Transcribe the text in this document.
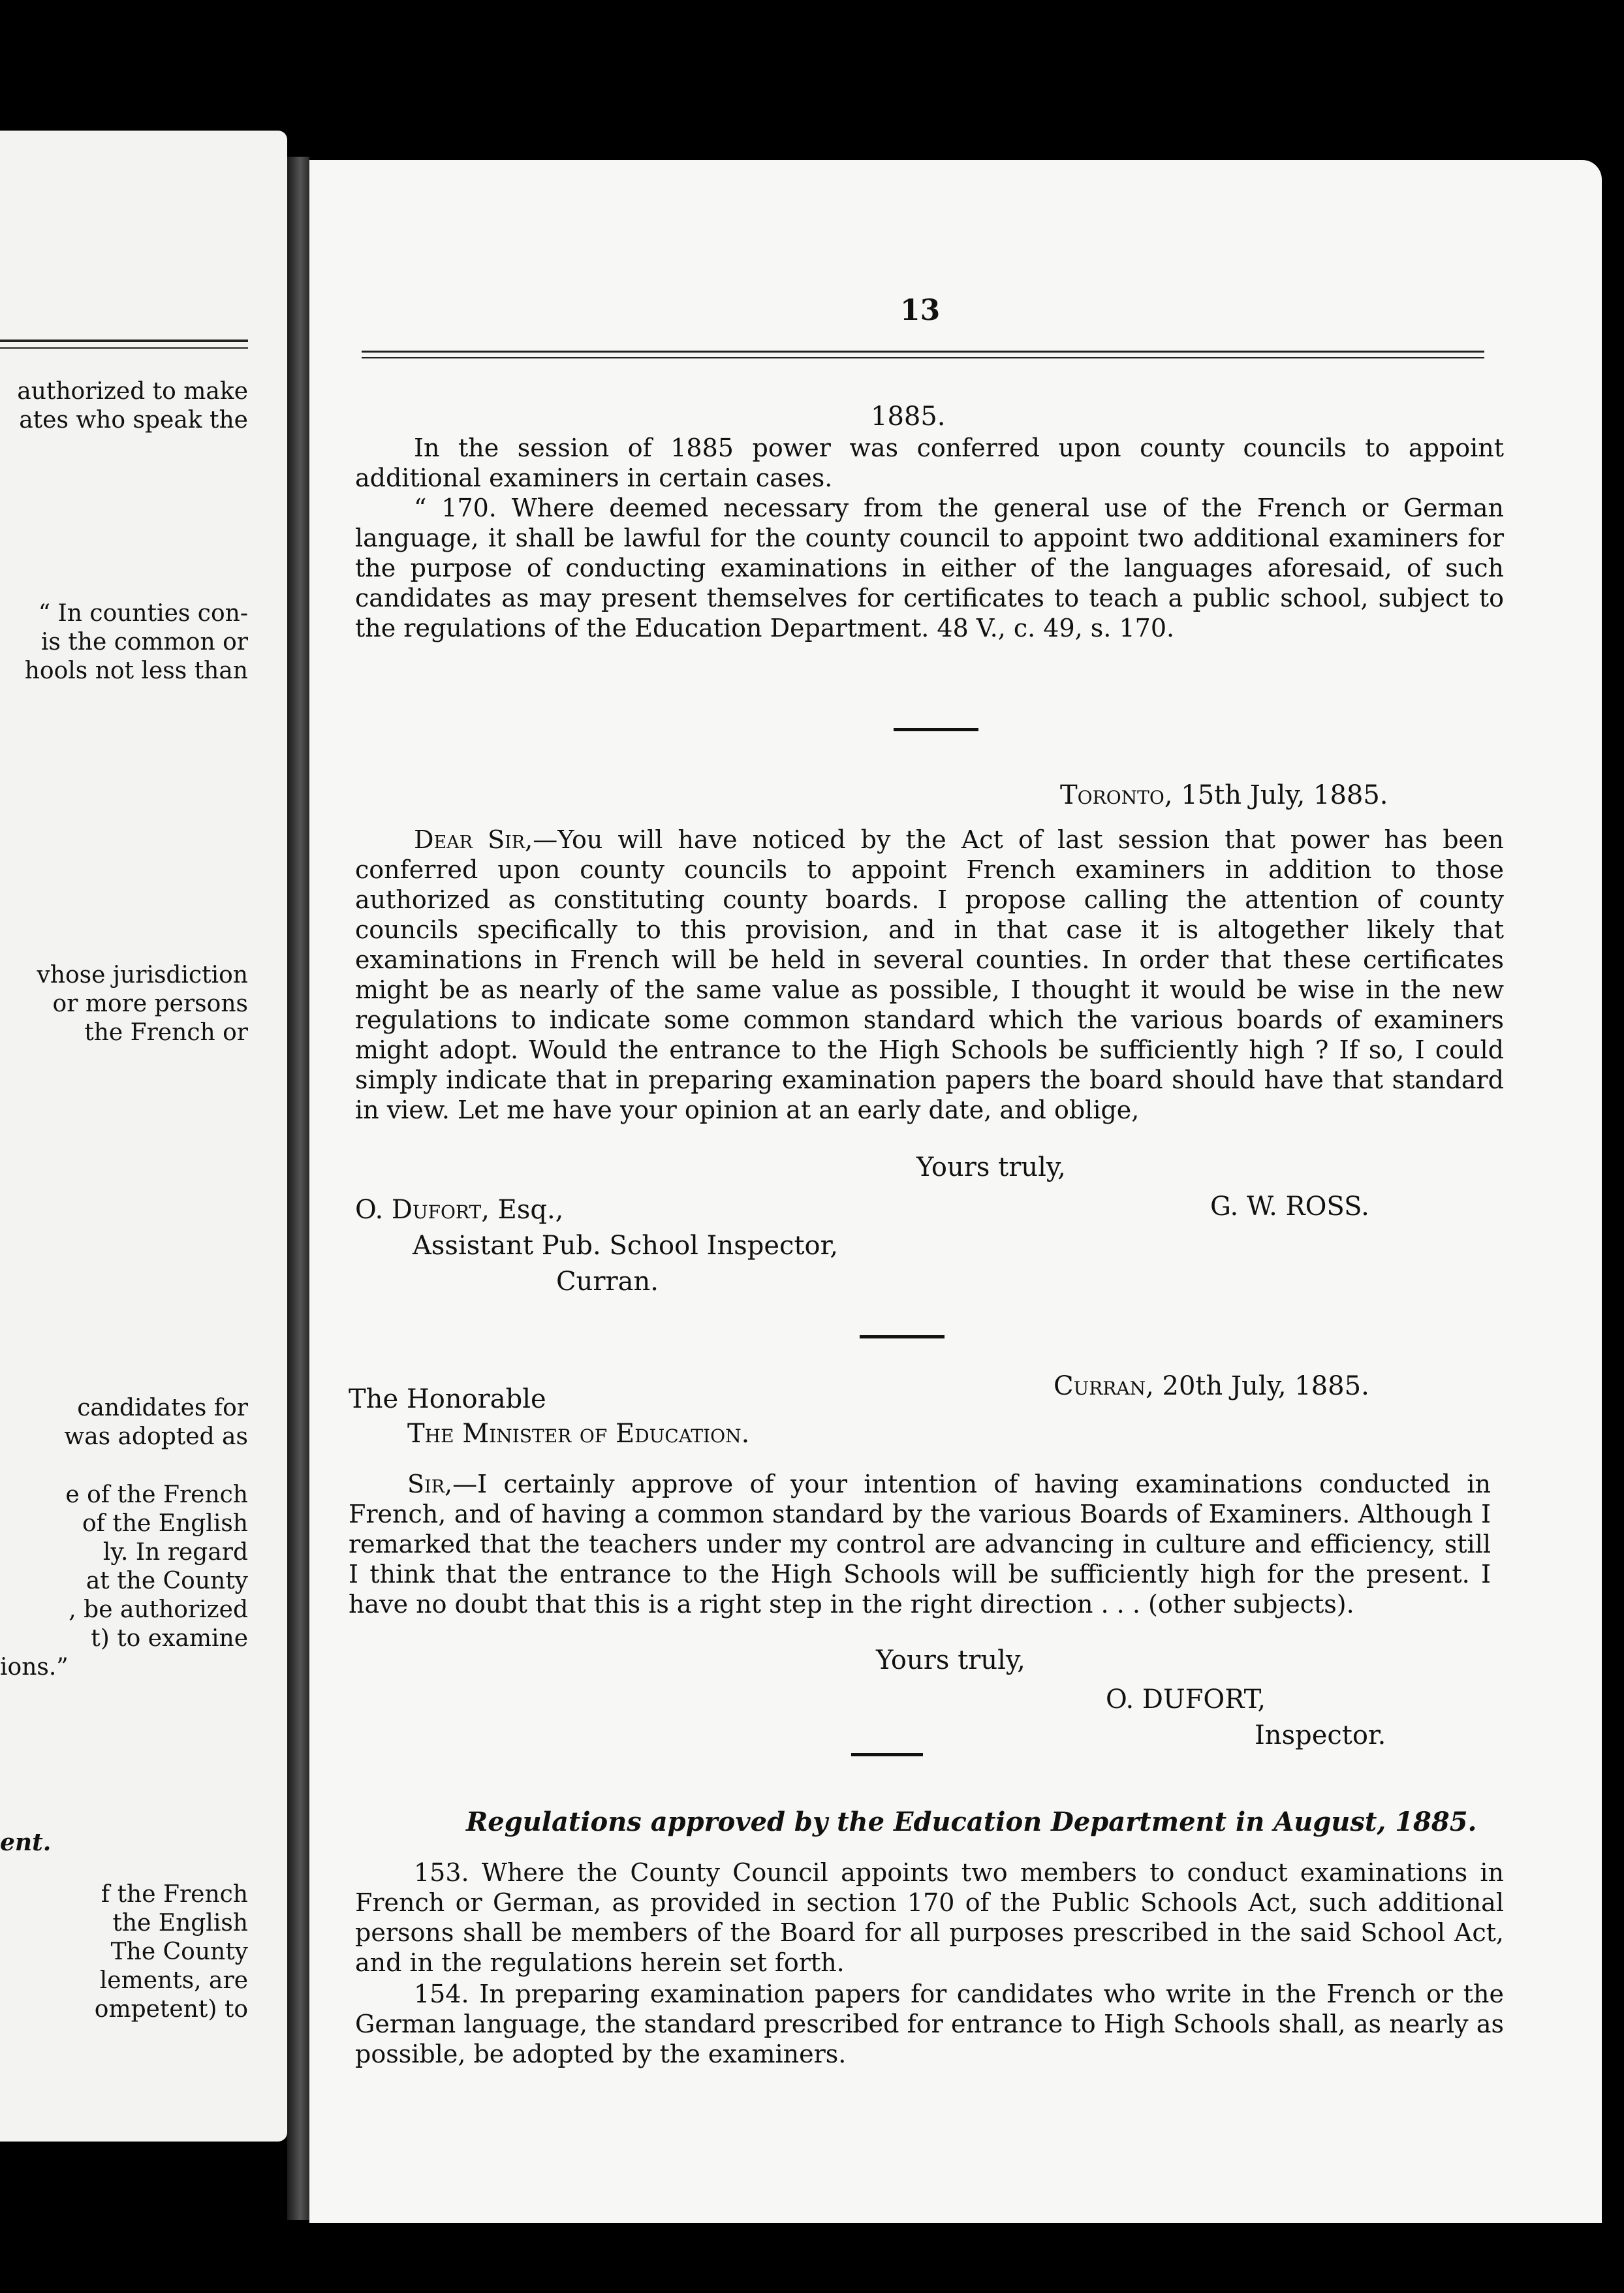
authorized to make
ates who speak the
“ In counties con-
is the common or
hools not less than
vhose jurisdiction
or more persons
the French or
candidates for
was adopted as
e of the French
of the English
ly. In regard
at the County
, be authorized
t) to examine
ions.”
ent.
f the French
the English
The County
lements, are
ompetent) to
13
1885.

In the session of 1885 power was conferred upon county councils to appoint additional examiners in certain cases.

“ 170. Where deemed necessary from the general use of the French or German language, it shall be lawful for the county council to appoint two additional examiners for the purpose of conducting examinations in either of the languages aforesaid, of such candidates as may present themselves for certificates to teach a public school, subject to the regulations of the Education Department. 48 V., c. 49, s. 170.

Toronto, 15th July, 1885.

Dear Sir,—You will have noticed by the Act of last session that power has been conferred upon county councils to appoint French examiners in addition to those authorized as constituting county boards. I propose calling the attention of county councils specifically to this provision, and in that case it is altogether likely that examinations in French will be held in several counties. In order that these certificates might be as nearly of the same value as possible, I thought it would be wise in the new regulations to indicate some common standard which the various boards of examiners might adopt. Would the entrance to the High Schools be sufficiently high ? If so, I could simply indicate that in preparing examination papers the board should have that standard in view. Let me have your opinion at an early date, and oblige,

Yours truly,
G. W. ROSS.
O. Dufort, Esq.,
Assistant Pub. School Inspector,
Curran.
Curran, 20th July, 1885.
The Honorable
The Minister of Education.

Sir,—I certainly approve of your intention of having examinations conducted in French, and of having a common standard by the various Boards of Examiners. Although I remarked that the teachers under my control are advancing in culture and efficiency, still I think that the entrance to the High Schools will be sufficiently high for the present. I have no doubt that this is a right step in the right direction . . . (other subjects).

Yours truly,
O. DUFORT,
Inspector.
Regulations approved by the Education Department in August, 1885.

153. Where the County Council appoints two members to conduct examinations in French or German, as provided in section 170 of the Public Schools Act, such additional persons shall be members of the Board for all purposes prescribed in the said School Act, and in the regulations herein set forth.

154. In preparing examination papers for candidates who write in the French or the German language, the standard prescribed for entrance to High Schools shall, as nearly as possible, be adopted by the examiners.
